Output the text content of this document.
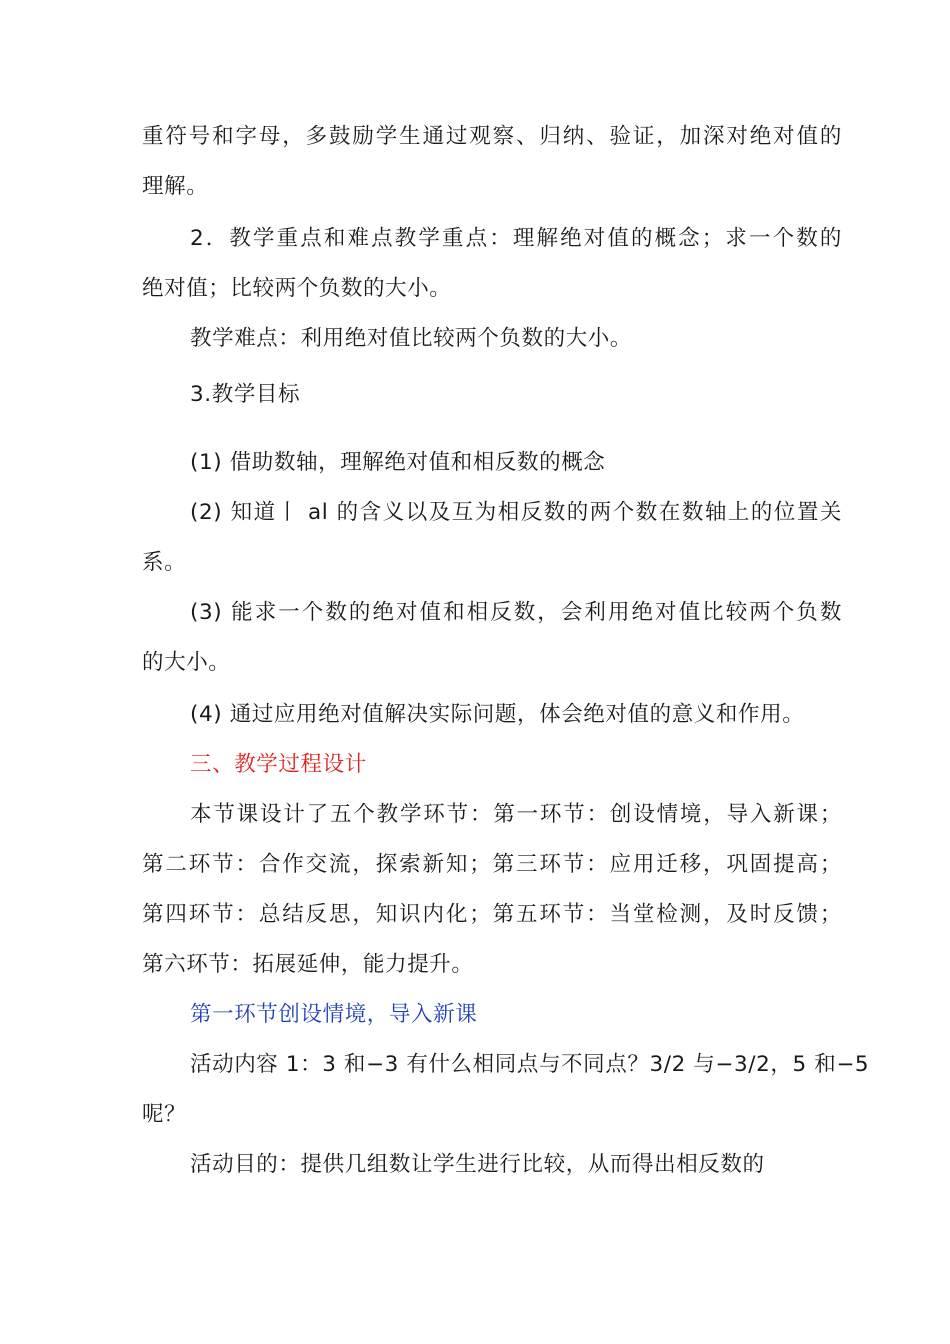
重符号和字母，多鼓励学生通过观察、归纳、验证，加深对绝对值的
理解。
2．教学重点和难点教学重点：理解绝对值的概念；求一个数的
绝对值；比较两个负数的大小。
教学难点：利用绝对值比较两个负数的大小。
3.教学目标
(1) 借助数轴，理解绝对值和相反数的概念
(2) 知道丨 al 的含义以及互为相反数的两个数在数轴上的位置关
系。
(3) 能求一个数的绝对值和相反数，会利用绝对值比较两个负数
的大小。
(4) 通过应用绝对值解决实际问题，体会绝对值的意义和作用。
三、教学过程设计
本节课设计了五个教学环节：第一环节：创设情境，导入新课；
第二环节：合作交流，探索新知；第三环节：应用迁移，巩固提高；
第四环节：总结反思，知识内化；第五环节：当堂检测，及时反馈；
第六环节：拓展延伸，能力提升。
第一环节创设情境，导入新课
活动内容 1：3 和−3 有什么相同点与不同点？3/2 与−3/2，5 和−5
呢？
活动目的：提供几组数让学生进行比较，从而得出相反数的
